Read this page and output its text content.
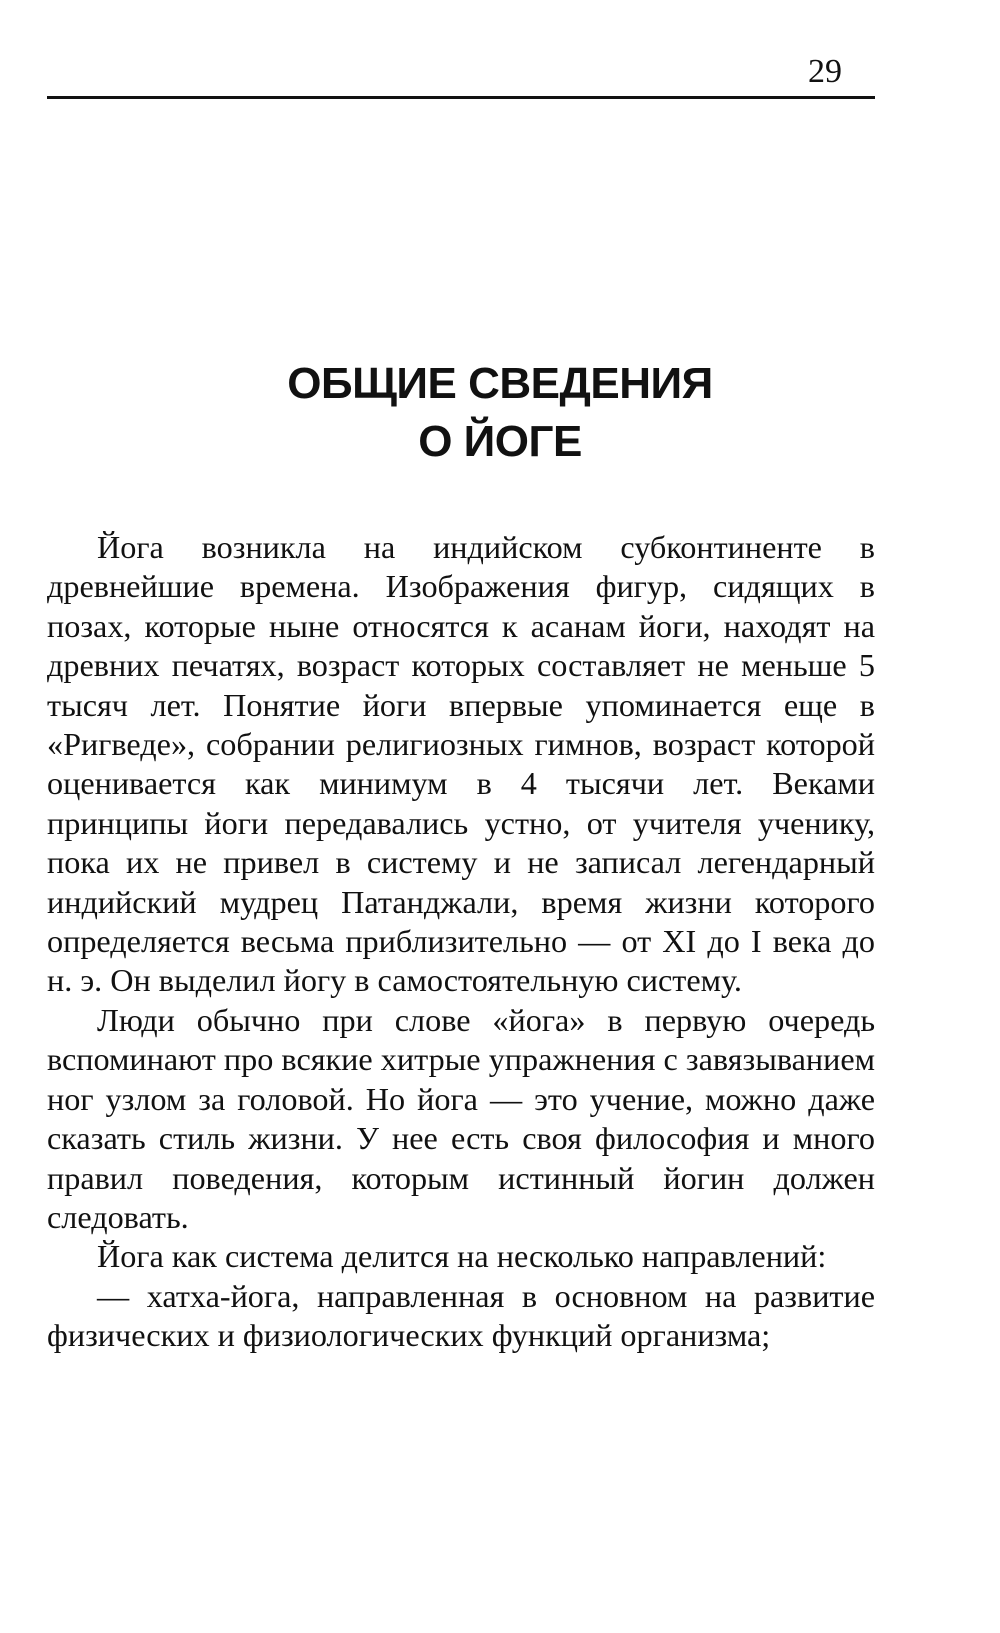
29
ОБЩИЕ СВЕДЕНИЯ
О ЙОГЕ

Йога возникла на индийском субконтиненте в древнейшие времена. Изображения фигур, сидящих в позах, которые ныне относятся к асанам йоги, находят на древних печатях, возраст которых составляет не меньше 5 тысяч лет. Понятие йоги впервые упоминается еще в «Ригведе», собрании религиозных гимнов, возраст которой оценивается как минимум в 4 тысячи лет. Веками принципы йоги передавались устно, от учителя ученику, пока их не привел в систему и не записал легендарный индийский мудрец Патанджали, время жизни которого определяется весьма приблизительно — от XI до I века до н. э. Он выделил йогу в самостоятельную систему.

Люди обычно при слове «йога» в первую очередь вспоминают про всякие хитрые упражнения с завязыванием ног узлом за головой. Но йога — это учение, можно даже сказать стиль жизни. У нее есть своя философия и много правил поведения, которым истинный йогин должен следовать.

Йога как система делится на несколько направлений:

— хатха-йога, направленная в основном на развитие физических и физиологических функций организма;
